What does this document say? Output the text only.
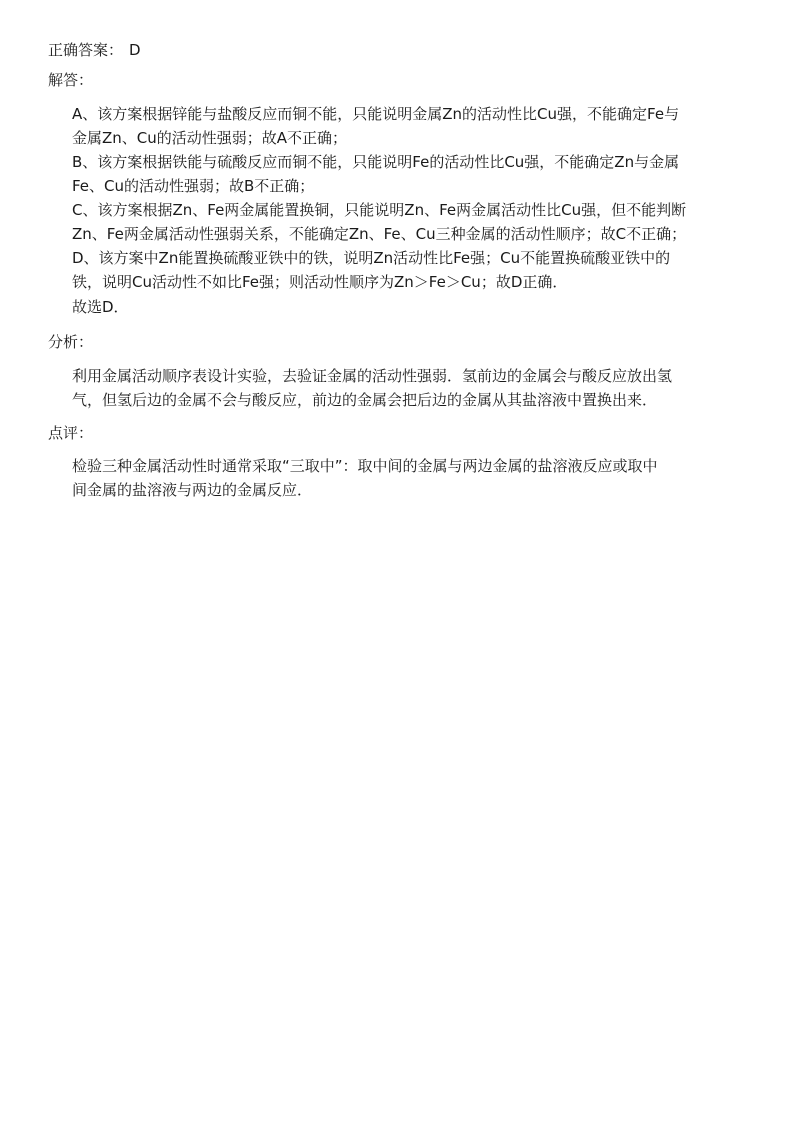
正确答案： D
解答：
A、该方案根据锌能与盐酸反应而铜不能，只能说明金属Zn的活动性比Cu强，不能确定Fe与
金属Zn、Cu的活动性强弱；故A不正确；
B、该方案根据铁能与硫酸反应而铜不能，只能说明Fe的活动性比Cu强，不能确定Zn与金属
Fe、Cu的活动性强弱；故B不正确；
C、该方案根据Zn、Fe两金属能置换铜，只能说明Zn、Fe两金属活动性比Cu强，但不能判断
Zn、Fe两金属活动性强弱关系，不能确定Zn、Fe、Cu三种金属的活动性顺序；故C不正确；
D、该方案中Zn能置换硫酸亚铁中的铁，说明Zn活动性比Fe强；Cu不能置换硫酸亚铁中的
铁，说明Cu活动性不如比Fe强；则活动性顺序为Zn＞Fe＞Cu；故D正确．
故选D．
分析：
利用金属活动顺序表设计实验，去验证金属的活动性强弱．氢前边的金属会与酸反应放出氢
气，但氢后边的金属不会与酸反应，前边的金属会把后边的金属从其盐溶液中置换出来．
点评：
检验三种金属活动性时通常采取“三取中”：取中间的金属与两边金属的盐溶液反应或取中
间金属的盐溶液与两边的金属反应．
